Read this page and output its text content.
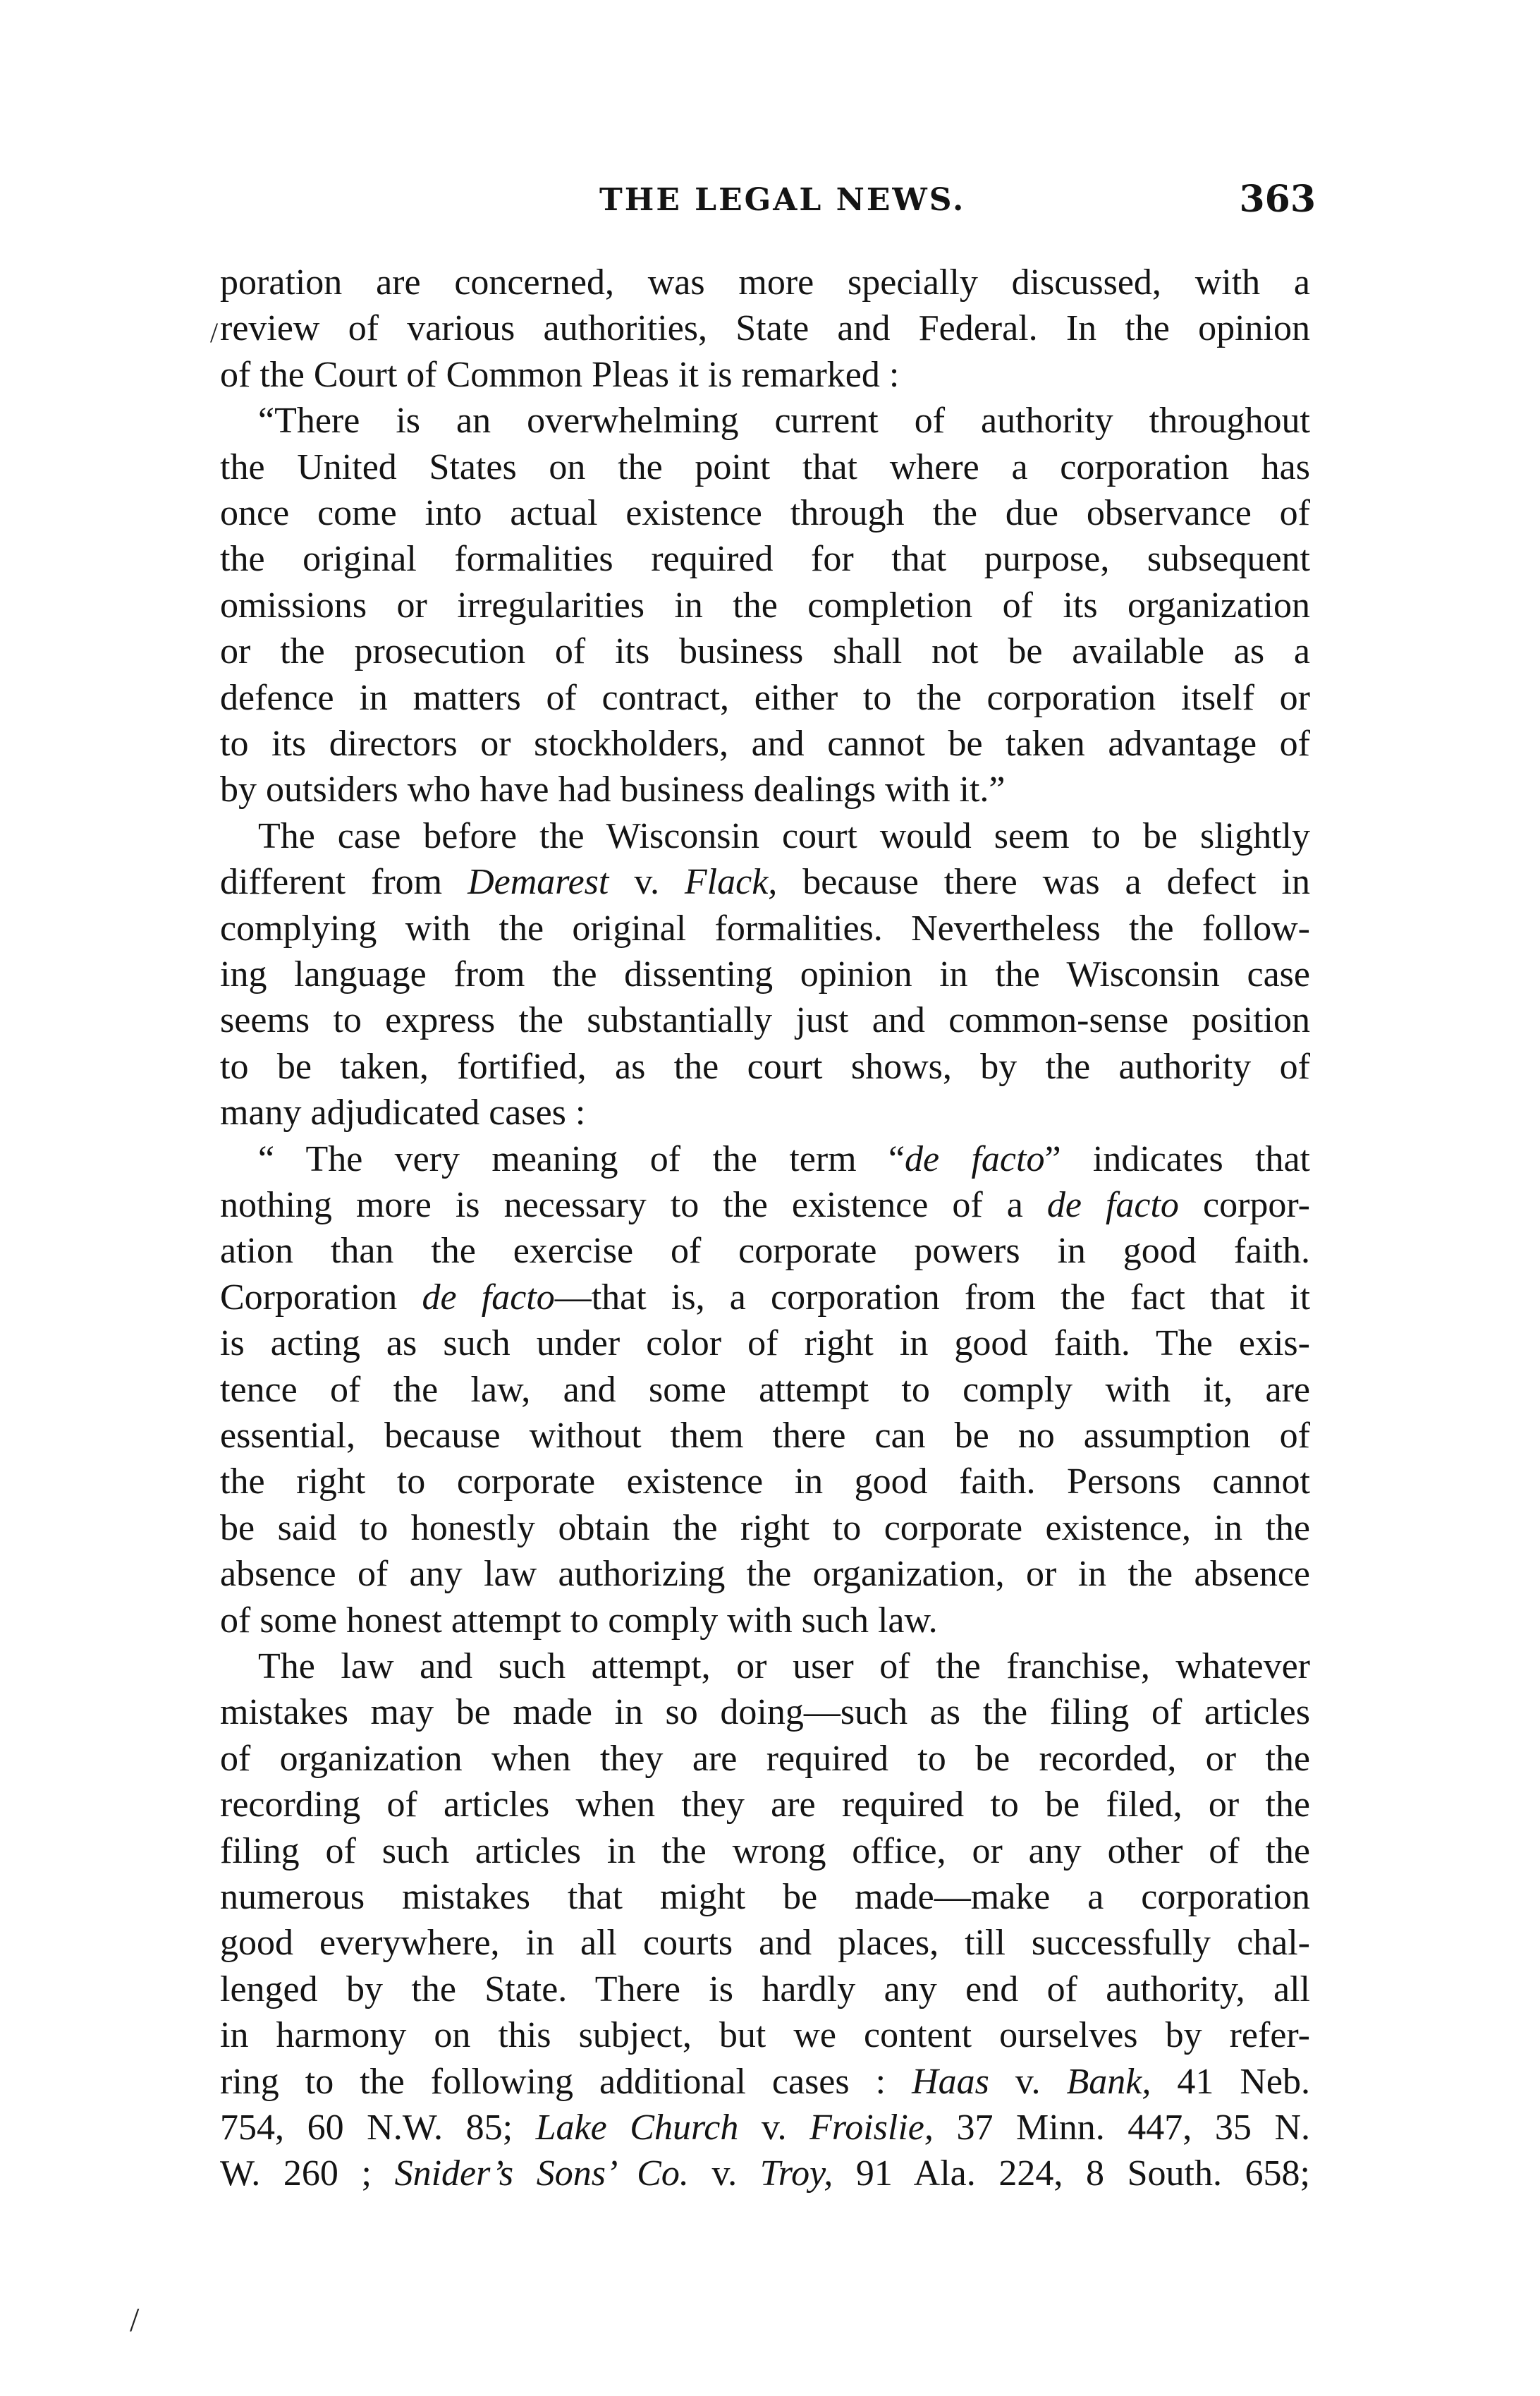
THE LEGAL NEWS.	363
/
/
poration are concerned, was more specially discussed, with a
review of various authorities, State and Federal. In the opinion
of the Court of Common Pleas it is remarked :
“There is an overwhelming current of authority throughout
the United States on the point that where a corporation has
once come into actual existence through the due observance of
the original formalities required for that purpose, subsequent
omissions or irregularities in the completion of its organization
or the prosecution of its business shall not be available as a
defence in matters of contract, either to the corporation itself or
to its directors or stockholders, and cannot be taken advantage of
by outsiders who have had business dealings with it.”
The case before the Wisconsin court would seem to be slightly
different from Demarest v. Flack, because there was a defect in
complying with the original formalities. Nevertheless the follow-
ing language from the dissenting opinion in the Wisconsin case
seems to express the substantially just and common-sense position
to be taken, fortified, as the court shows, by the authority of
many adjudicated cases :
“ The very meaning of the term “de facto” indicates that
nothing more is necessary to the existence of a de facto corpor-
ation than the exercise of corporate powers in good faith.
Corporation de facto—that is, a corporation from the fact that it
is acting as such under color of right in good faith. The exis-
tence of the law, and some attempt to comply with it, are
essential, because without them there can be no assumption of
the right to corporate existence in good faith. Persons cannot
be said to honestly obtain the right to corporate existence, in the
absence of any law authorizing the organization, or in the absence
of some honest attempt to comply with such law.
The law and such attempt, or user of the franchise, whatever
mistakes may be made in so doing—such as the filing of articles
of organization when they are required to be recorded, or the
recording of articles when they are required to be filed, or the
filing of such articles in the wrong office, or any other of the
numerous mistakes that might be made—make a corporation
good everywhere, in all courts and places, till successfully chal-
lenged by the State. There is hardly any end of authority, all
in harmony on this subject, but we content ourselves by refer-
ring to the following additional cases : Haas v. Bank, 41 Neb.
754, 60 N.W. 85; Lake Church v. Froislie, 37 Minn. 447, 35 N.
W. 260 ; Snider’s Sons’ Co. v. Troy, 91 Ala. 224, 8 South. 658;
